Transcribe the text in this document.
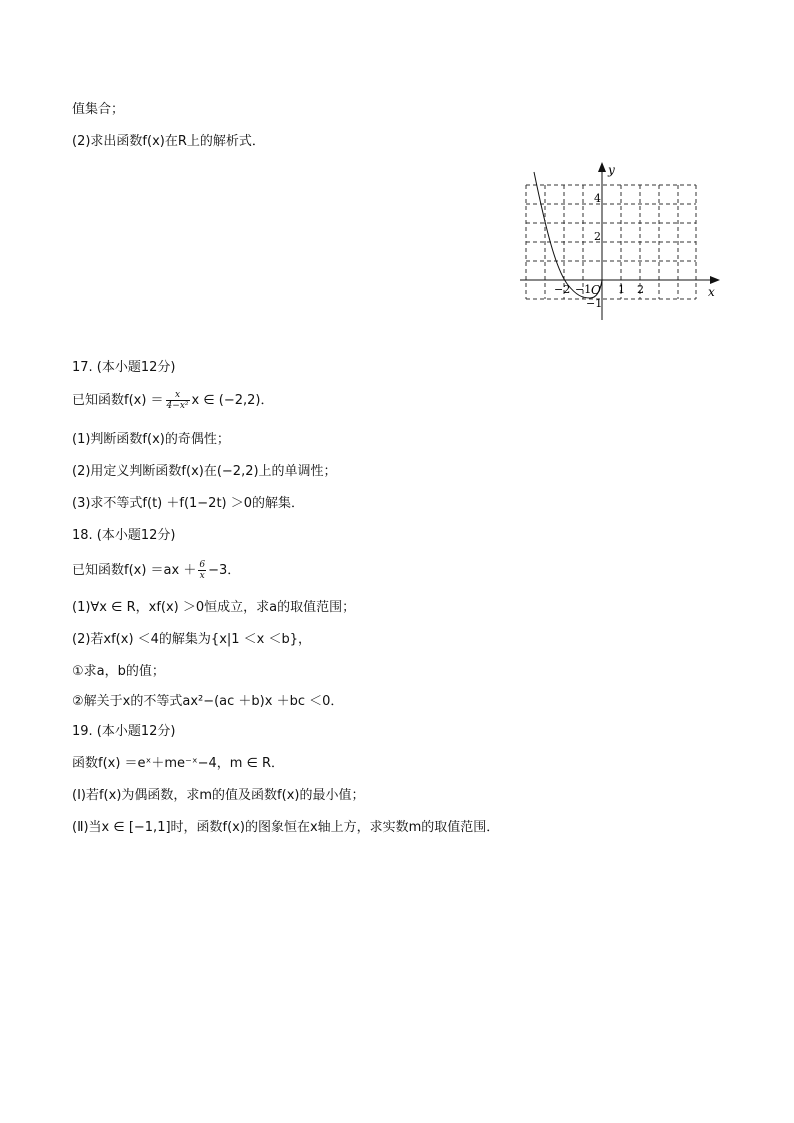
值集合；
(2)求出函数f(x)在R上的解析式．
y
x
O
4
2
−1
−2 −1 1 2
17. (本小题12分)
已知函数$f(x) = \frac{x}{\text{4−x²}}$ x ∈ (−2,2)．
(1)判断函数f(x)的奇偶性；
(2)用定义判断函数f(x)在(−2,2)上的单调性；
(3)求不等式f(t) ＋f(1−2t) ＞0的解集．
18. (本小题12分)
已知函数$f(x) =ax + \frac{6}{x} -3$．
(1)∀x ∈ R，xf(x) ＞0恒成立，求a的取值范围；
(2)若xf(x) ＜4的解集为{x|1 ＜x ＜b}，
①求a，b的值；
②解关于x的不等式ax²−(ac ＋b)x ＋bc ＜0．
19. (本小题12分)
函数f(x) ＝eˣ＋me⁻ˣ−4，m ∈ R．
(Ⅰ)若f(x)为偶函数，求m的值及函数f(x)的最小值；
(Ⅱ)当x ∈ [−1,1]时，函数f(x)的图象恒在x轴上方，求实数m的取值范围．
